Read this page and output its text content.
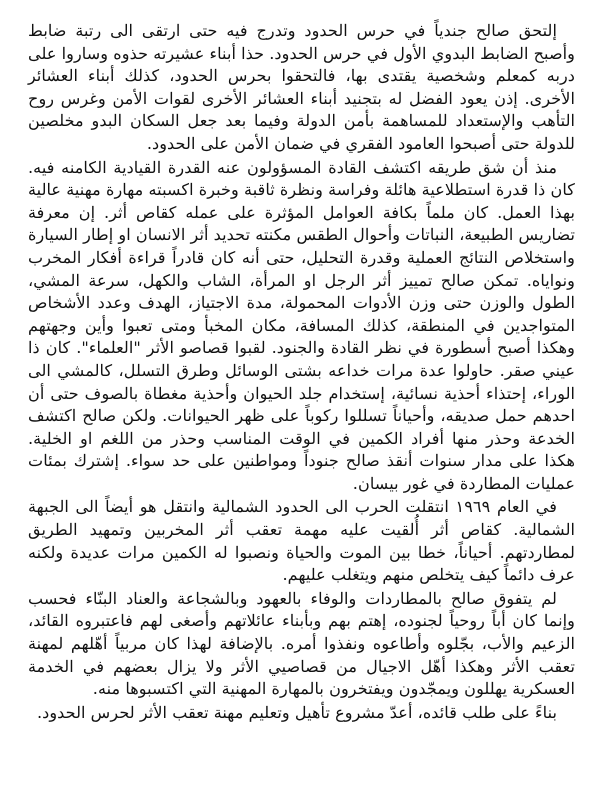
إلتحق صالح جندياً في حرس الحدود وتدرج فيه حتى ارتقى الى رتبة ضابط وأصبح الضابط البدوي الأول في حرس الحدود. حذا أبناء عشيرته حذوه وساروا على دربه كمعلم وشخصية يقتدى بها، فالتحقوا بحرس الحدود، كذلك أبناء العشائر الأخرى. إذن يعود الفضل له بتجنيد أبناء العشائر الأخرى لقوات الأمن وغرس روح التأهب والإستعداد للمساهمة بأمن الدولة وفيما بعد جعل السكان البدو مخلصين للدولة حتى أصبحوا العامود الفقري في ضمان الأمن على الحدود.

منذ أن شق طريقه اكتشف القادة المسؤولون عنه القدرة القيادية الكامنه فيه. كان ذا قدرة استطلاعية هائلة وفراسة ونظرة ثاقبة وخبرة اكسبته مهارة مهنية عالية بهذا العمل. كان ملماً بكافة العوامل المؤثرة على عمله كقاص أثر. إن معرفة تضاريس الطبيعة، النباتات وأحوال الطقس مكنته تحديد أثر الانسان او إطار السيارة واستخلاص النتائج العملية وقدرة التحليل، حتى أنه كان قادراً قراءة أفكار المخرب ونواياه. تمكن صالح تمييز أثر الرجل او المرأة، الشاب والكهل، سرعة المشي، الطول والوزن حتى وزن الأدوات المحمولة، مدة الاجتياز، الهدف وعدد الأشخاص المتواجدين في المنطقة، كذلك المسافة، مكان المخبأ ومتى تعبوا وأين وجهتهم وهكذا أصبح أسطورة في نظر القادة والجنود. لقبوا قصاصو الأثر "العلماء". كان ذا عيني صقر. حاولوا عدة مرات خداعه بشتى الوسائل وطرق التسلل، كالمشي الى الوراء، إحتذاء أحذية نسائية، إستخدام جلد الحيوان وأحذية مغطاة بالصوف حتى أن احدهم حمل صديقه، وأحياناً تسللوا ركوباً على ظهر الحيوانات. ولكن صالح اكتشف الخدعة وحذر منها أفراد الكمين في الوقت المناسب وحذر من اللغم او الخلية. هكذا على مدار سنوات أنقذ صالح جنوداً ومواطنين على حد سواء. إشترك بمئات عمليات المطاردة في غور بيسان.

في العام ١٩٦٩ انتقلت الحرب الى الحدود الشمالية وانتقل هو أيضاً الى الجبهة الشمالية. كقاص أثر أُلقيت عليه مهمة تعقب أثر المخربين وتمهيد الطريق لمطاردتهم. أحياناً، خطا بين الموت والحياة ونصبوا له الكمين مرات عديدة ولكنه عرف دائماً كيف يتخلص منهم ويتغلب عليهم.

لم يتفوق صالح بالمطاردات والوفاء بالعهود وبالشجاعة والعناد البنّاء فحسب وإنما كان أباً روحياً لجنوده، إهتم بهم وبأبناء عائلاتهم وأصغى لهم فاعتبروه القائد، الزعيم والأب، بجّلوه وأطاعوه ونفذوا أمره. بالإضافة لهذا كان مربياً أهّلهم لمهنة تعقب الأثر وهكذا أهّل الاجيال من قصاصيي الأثر ولا يزال بعضهم في الخدمة العسكرية يهللون ويمجّدون ويفتخرون بالمهارة المهنية التي اكتسبوها منه.

بناءً على طلب قائده، أعدّ مشروع تأهيل وتعليم مهنة تعقب الأثر لحرس الحدود.
